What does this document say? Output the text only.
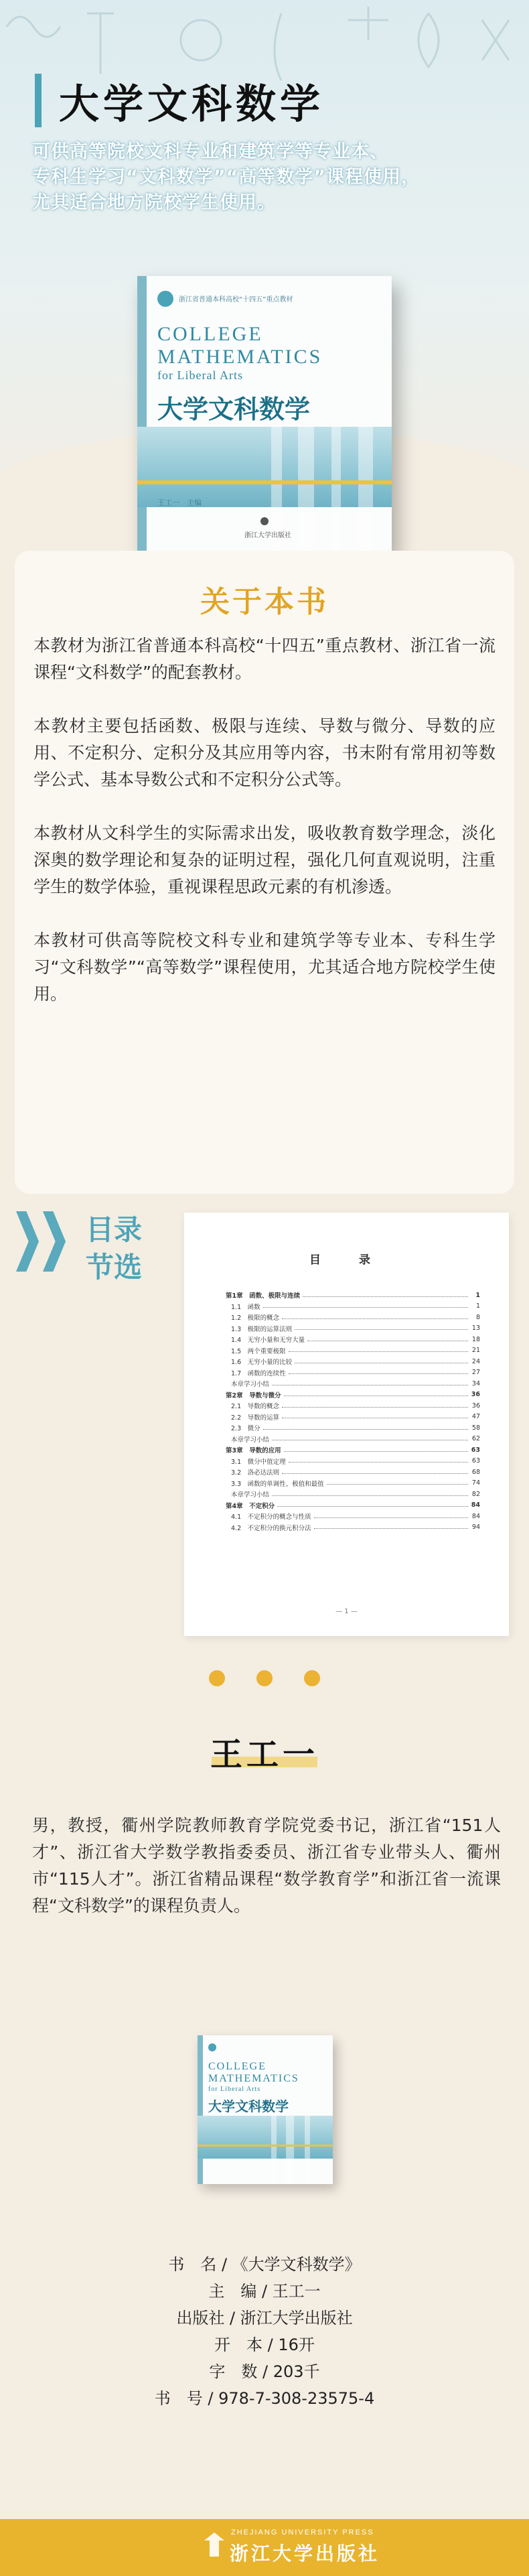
大学文科数学
可供高等院校文科专业和建筑学等专业本、
专科生学习“文科数学”“高等数学”课程使用，
尤其适合地方院校学生使用。
浙江省普通本科高校“十四五”重点教材
COLLEGE
MATHEMATICS
for Liberal Arts
大学文科数学
王工一　主编
浙江大学出版社
关于本书

本教材为浙江省普通本科高校“十四五”重点教材、浙江省一流课程“文科数学”的配套教材。

本教材主要包括函数、极限与连续、导数与微分、导数的应用、不定积分、定积分及其应用等内容，书末附有常用初等数学公式、基本导数公式和不定积分公式等。

本教材从文科学生的实际需求出发，吸收教育数学理念，淡化深奥的数学理论和复杂的证明过程，强化几何直观说明，注重学生的数学体验，重视课程思政元素的有机渗透。

本教材可供高等院校文科专业和建筑学等专业本、专科生学习“文科数学”“高等数学”课程使用，尤其适合地方院校学生使用。

目录
节选	目　录
第1章　函数、极限与连续	1
1.1　函数	1
1.2　极限的概念	8
1.3　极限的运算法则	13
1.4　无穷小量和无穷大量	18
1.5　两个重要极限	21
1.6　无穷小量的比较	24
1.7　函数的连续性	27
本章学习小结	34
第2章　导数与微分	36
2.1　导数的概念	36
2.2　导数的运算	47
2.3　微分	58
本章学习小结	62
第3章　导数的应用	63
3.1　微分中值定理	63
3.2　洛必达法则	68
3.3　函数的单调性、极值和最值	74
本章学习小结	82
第4章　不定积分	84
4.1　不定积分的概念与性质	84
4.2　不定积分的换元积分法	94
— 1 —
王工一

男，教授，衢州学院教师教育学院党委书记，浙江省“151人才”、浙江省大学数学教指委委员、浙江省专业带头人、衢州市“115人才”。浙江省精品课程“数学教育学”和浙江省一流课程“文科数学”的课程负责人。

COLLEGE
MATHEMATICS
for Liberal Arts
大学文科数学
书　名 / 《大学文科数学》
主　编 / 王工一
出版社 / 浙江大学出版社
开　本 / 16开
字　数 / 203千
书　号 / 978-7-308-23575-4
ZHEJIANG UNIVERSITY PRESS
浙江大学出版社
